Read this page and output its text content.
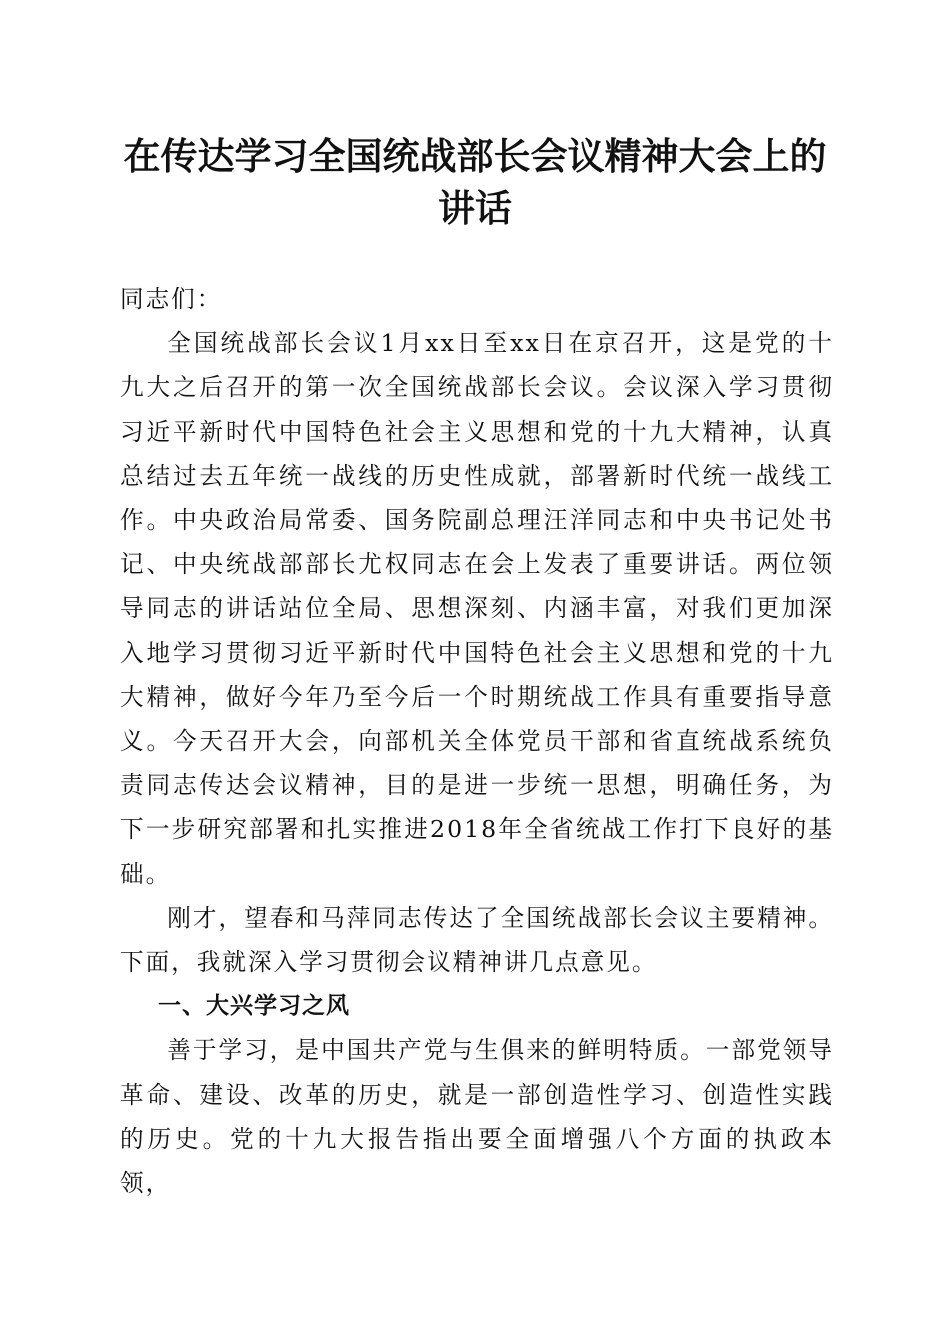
在传达学习全国统战部长会议精神大会上的讲话

同志们：

全国统战部长会议1月xx日至xx日在京召开，这是党的十九大之后召开的第一次全国统战部长会议。会议深入学习贯彻习近平新时代中国特色社会主义思想和党的十九大精神，认真总结过去五年统一战线的历史性成就，部署新时代统一战线工作。中央政治局常委、国务院副总理汪洋同志和中央书记处书记、中央统战部部长尤权同志在会上发表了重要讲话。两位领导同志的讲话站位全局、思想深刻、内涵丰富，对我们更加深入地学习贯彻习近平新时代中国特色社会主义思想和党的十九大精神，做好今年乃至今后一个时期统战工作具有重要指导意义。今天召开大会，向部机关全体党员干部和省直统战系统负责同志传达会议精神，目的是进一步统一思想，明确任务，为下一步研究部署和扎实推进2018年全省统战工作打下良好的基础。

刚才，望春和马萍同志传达了全国统战部长会议主要精神。下面，我就深入学习贯彻会议精神讲几点意见。

一、大兴学习之风

善于学习，是中国共产党与生俱来的鲜明特质。一部党领导革命、建设、改革的历史，就是一部创造性学习、创造性实践的历史。党的十九大报告指出要全面增强八个方面的执政本领，
